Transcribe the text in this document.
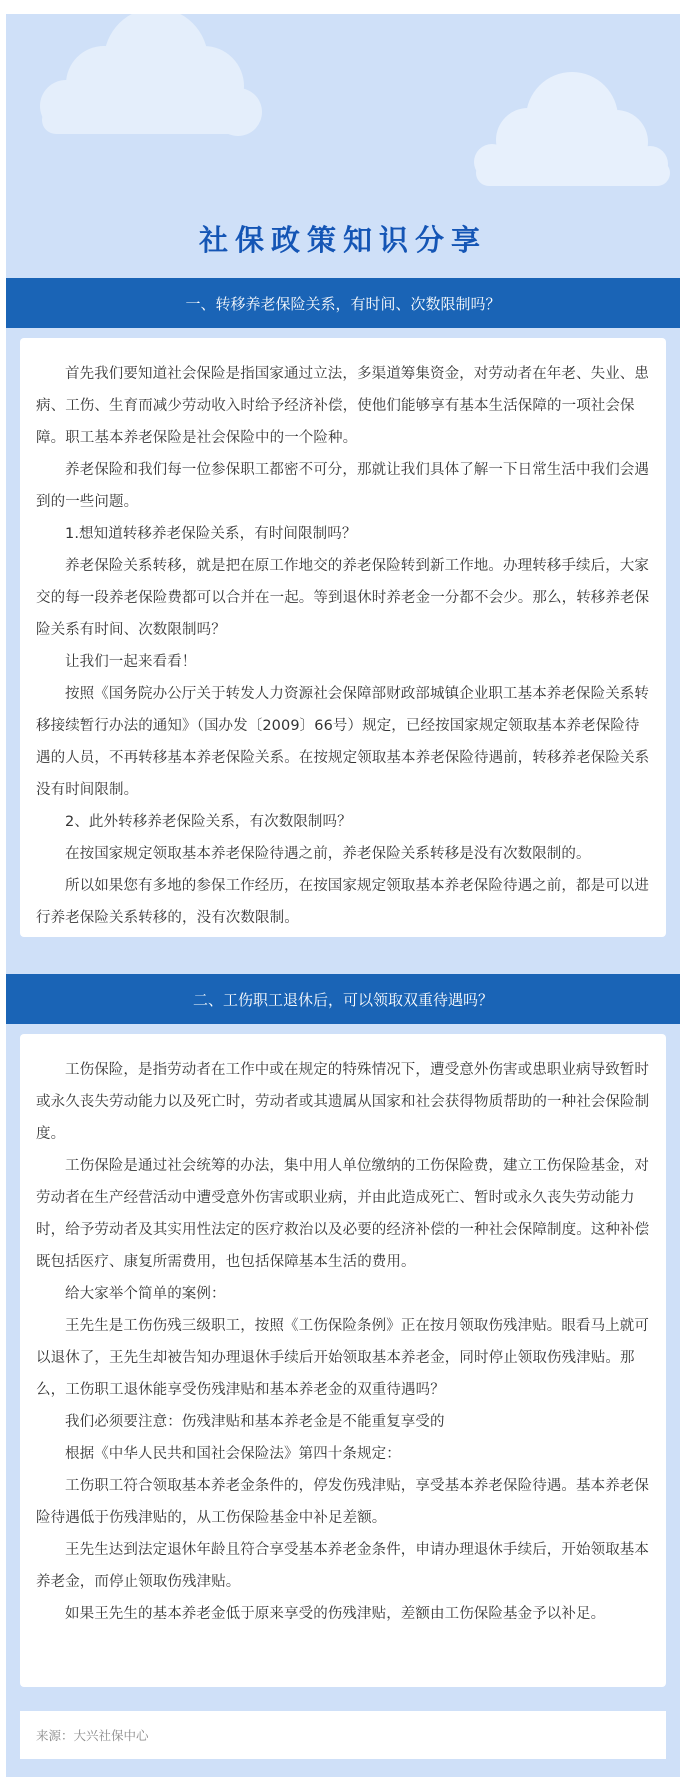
社保政策知识分享
一、转移养老保险关系，有时间、次数限制吗？

首先我们要知道社会保险是指国家通过立法，多渠道筹集资金，对劳动者在年老、失业、患病、工伤、生育而减少劳动收入时给予经济补偿，使他们能够享有基本生活保障的一项社会保障。职工基本养老保险是社会保险中的一个险种。

养老保险和我们每一位参保职工都密不可分，那就让我们具体了解一下日常生活中我们会遇到的一些问题。

1.想知道转移养老保险关系，有时间限制吗？

养老保险关系转移，就是把在原工作地交的养老保险转到新工作地。办理转移手续后，大家交的每一段养老保险费都可以合并在一起。等到退休时养老金一分都不会少。那么，转移养老保险关系有时间、次数限制吗？

让我们一起来看看！

按照《国务院办公厅关于转发人力资源社会保障部财政部城镇企业职工基本养老保险关系转移接续暂行办法的通知》（国办发〔2009〕66号）规定，已经按国家规定领取基本养老保险待遇的人员，不再转移基本养老保险关系。在按规定领取基本养老保险待遇前，转移养老保险关系没有时间限制。

2、此外转移养老保险关系，有次数限制吗？

在按国家规定领取基本养老保险待遇之前，养老保险关系转移是没有次数限制的。

所以如果您有多地的参保工作经历，在按国家规定领取基本养老保险待遇之前，都是可以进行养老保险关系转移的，没有次数限制。

二、工伤职工退休后，可以领取双重待遇吗？

工伤保险，是指劳动者在工作中或在规定的特殊情况下，遭受意外伤害或患职业病导致暂时或永久丧失劳动能力以及死亡时，劳动者或其遗属从国家和社会获得物质帮助的一种社会保险制度。

工伤保险是通过社会统筹的办法，集中用人单位缴纳的工伤保险费，建立工伤保险基金，对劳动者在生产经营活动中遭受意外伤害或职业病，并由此造成死亡、暂时或永久丧失劳动能力时，给予劳动者及其实用性法定的医疗救治以及必要的经济补偿的一种社会保障制度。这种补偿既包括医疗、康复所需费用，也包括保障基本生活的费用。

给大家举个简单的案例：

王先生是工伤伤残三级职工，按照《工伤保险条例》正在按月领取伤残津贴。眼看马上就可以退休了，王先生却被告知办理退休手续后开始领取基本养老金，同时停止领取伤残津贴。那么，工伤职工退休能享受伤残津贴和基本养老金的双重待遇吗？

我们必须要注意：伤残津贴和基本养老金是不能重复享受的

根据《中华人民共和国社会保险法》第四十条规定：

工伤职工符合领取基本养老金条件的，停发伤残津贴，享受基本养老保险待遇。基本养老保险待遇低于伤残津贴的，从工伤保险基金中补足差额。

王先生达到法定退休年龄且符合享受基本养老金条件，申请办理退休手续后，开始领取基本养老金，而停止领取伤残津贴。

如果王先生的基本养老金低于原来享受的伤残津贴，差额由工伤保险基金予以补足。

来源：大兴社保中心
